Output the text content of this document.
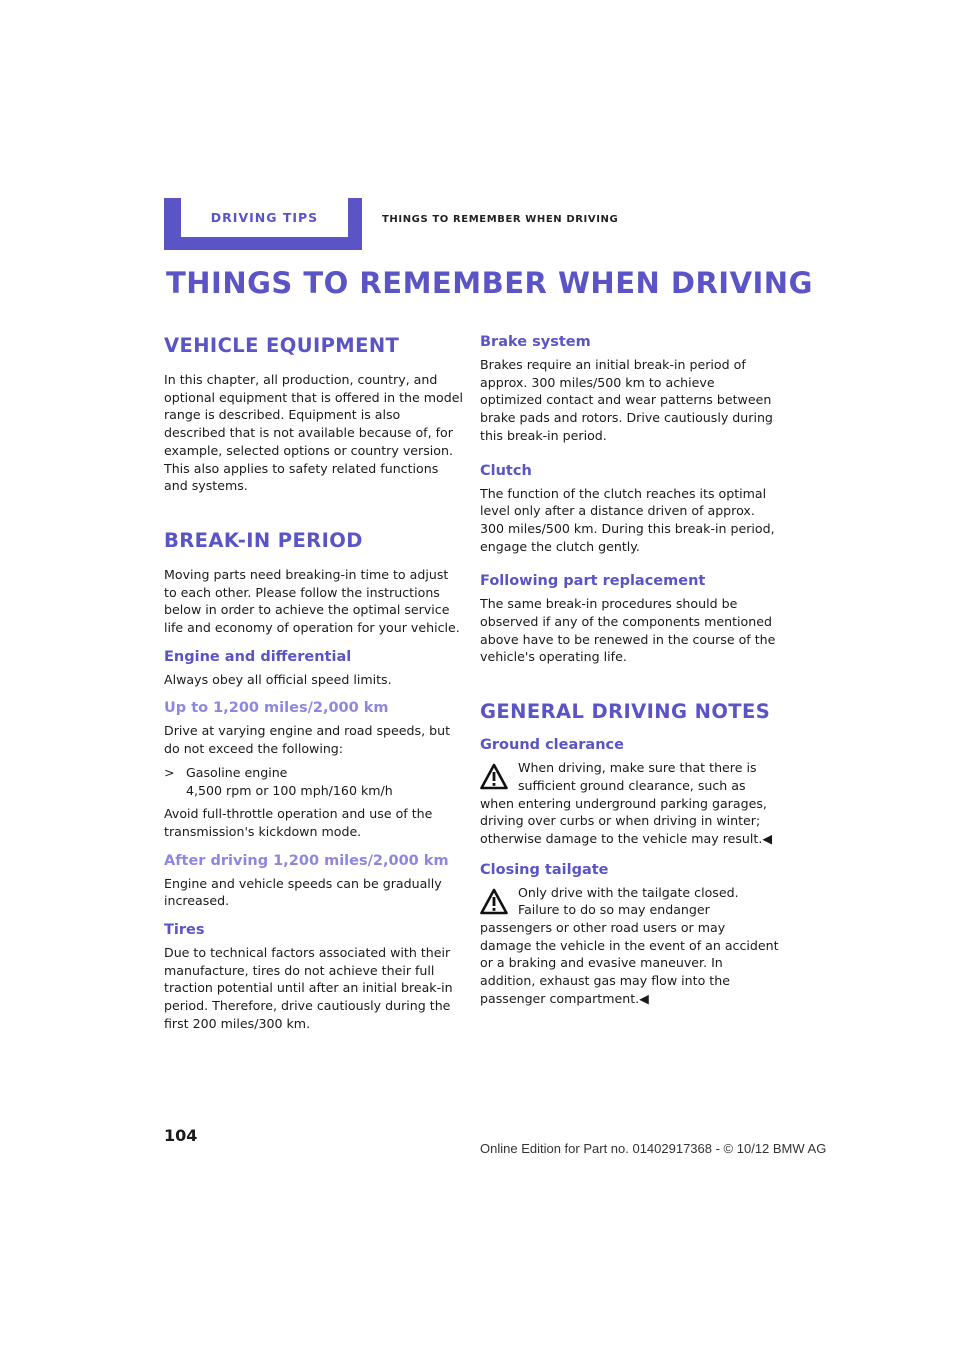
DRIVING TIPS	THINGS TO REMEMBER WHEN DRIVING
THINGS TO REMEMBER WHEN DRIVING
VEHICLE EQUIPMENT

In this chapter, all production, country, and optional equipment that is offered in the model range is described. Equipment is also described that is not available because of, for example, selected options or country version. This also applies to safety related functions and systems.

BREAK-IN PERIOD

Moving parts need breaking-in time to adjust to each other. Please follow the instructions below in order to achieve the optimal service life and economy of operation for your vehicle.

Engine and differential

Always obey all official speed limits.

Up to 1,200 miles/2,000 km

Drive at varying engine and road speeds, but do not exceed the following:

> Gasoline engine
4,500 rpm or 100 mph/160 km/h

Avoid full-throttle operation and use of the transmission's kickdown mode.

After driving 1,200 miles/2,000 km

Engine and vehicle speeds can be gradually increased.

Tires

Due to technical factors associated with their manufacture, tires do not achieve their full traction potential until after an initial break-in period. Therefore, drive cautiously during the first 200 miles/300 km.

Brake system

Brakes require an initial break-in period of approx. 300 miles/500 km to achieve optimized contact and wear patterns between brake pads and rotors. Drive cautiously during this break-in period.

Clutch

The function of the clutch reaches its optimal level only after a distance driven of approx. 300 miles/500 km. During this break-in period, engage the clutch gently.

Following part replacement

The same break-in procedures should be observed if any of the components mentioned above have to be renewed in the course of the vehicle's operating life.

GENERAL DRIVING NOTES
Ground clearance

When driving, make sure that there is sufficient ground clearance, such as when entering underground parking garages, driving over curbs or when driving in winter; otherwise damage to the vehicle may result.◀

Closing tailgate

Only drive with the tailgate closed. Failure to do so may endanger passengers or other road users or may damage the vehicle in the event of an accident or a braking and evasive maneuver. In addition, exhaust gas may flow into the passenger compartment.◀

104
Online Edition for Part no. 01402917368 - © 10/12 BMW AG
